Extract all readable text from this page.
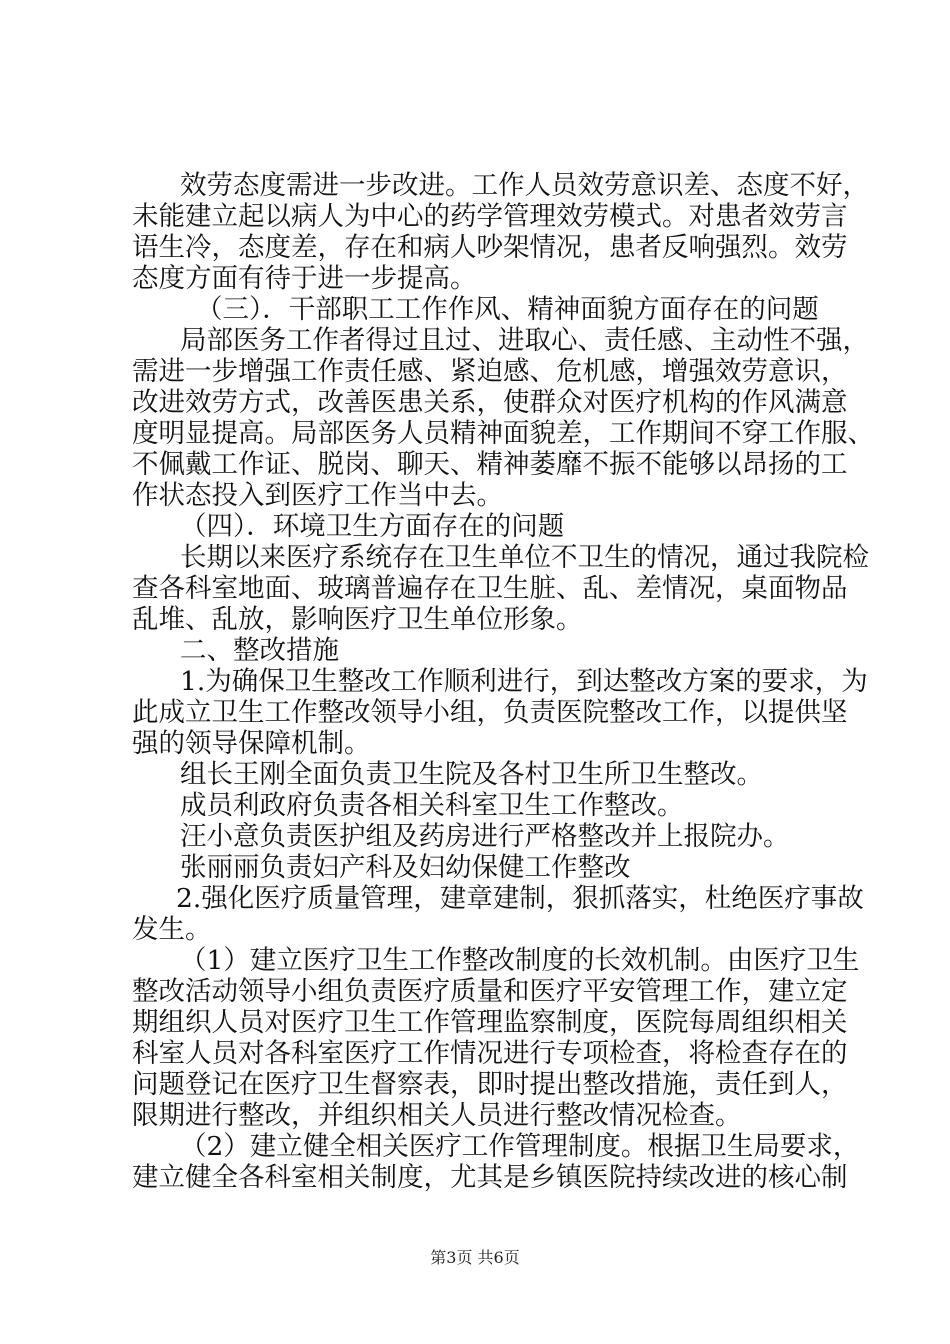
效劳态度需进一步改进。工作人员效劳意识差、态度不好，
未能建立起以病人为中心的药学管理效劳模式。对患者效劳言
语生冷，态度差，存在和病人吵架情况，患者反响强烈。效劳
态度方面有待于进一步提高。
（三）．干部职工工作作风、精神面貌方面存在的问题
局部医务工作者得过且过、进取心、责任感、主动性不强，
需进一步增强工作责任感、紧迫感、危机感，增强效劳意识，
改进效劳方式，改善医患关系，使群众对医疗机构的作风满意
度明显提高。局部医务人员精神面貌差，工作期间不穿工作服、
不佩戴工作证、脱岗、聊天、精神萎靡不振不能够以昂扬的工
作状态投入到医疗工作当中去。
（四）．环境卫生方面存在的问题
长期以来医疗系统存在卫生单位不卫生的情况，通过我院检
查各科室地面、玻璃普遍存在卫生脏、乱、差情况，桌面物品
乱堆、乱放，影响医疗卫生单位形象。
二、整改措施
1.为确保卫生整改工作顺利进行，到达整改方案的要求，为
此成立卫生工作整改领导小组，负责医院整改工作，以提供坚
强的领导保障机制。
组长王刚全面负责卫生院及各村卫生所卫生整改。
成员利政府负责各相关科室卫生工作整改。
汪小意负责医护组及药房进行严格整改并上报院办。
张丽丽负责妇产科及妇幼保健工作整改
2.强化医疗质量管理，建章建制，狠抓落实，杜绝医疗事故
发生。
（1）建立医疗卫生工作整改制度的长效机制。由医疗卫生
整改活动领导小组负责医疗质量和医疗平安管理工作，建立定
期组织人员对医疗卫生工作管理监察制度，医院每周组织相关
科室人员对各科室医疗工作情况进行专项检查，将检查存在的
问题登记在医疗卫生督察表，即时提出整改措施，责任到人，
限期进行整改，并组织相关人员进行整改情况检查。
（2）建立健全相关医疗工作管理制度。根据卫生局要求，
建立健全各科室相关制度，尤其是乡镇医院持续改进的核心制
第3页 共6页
